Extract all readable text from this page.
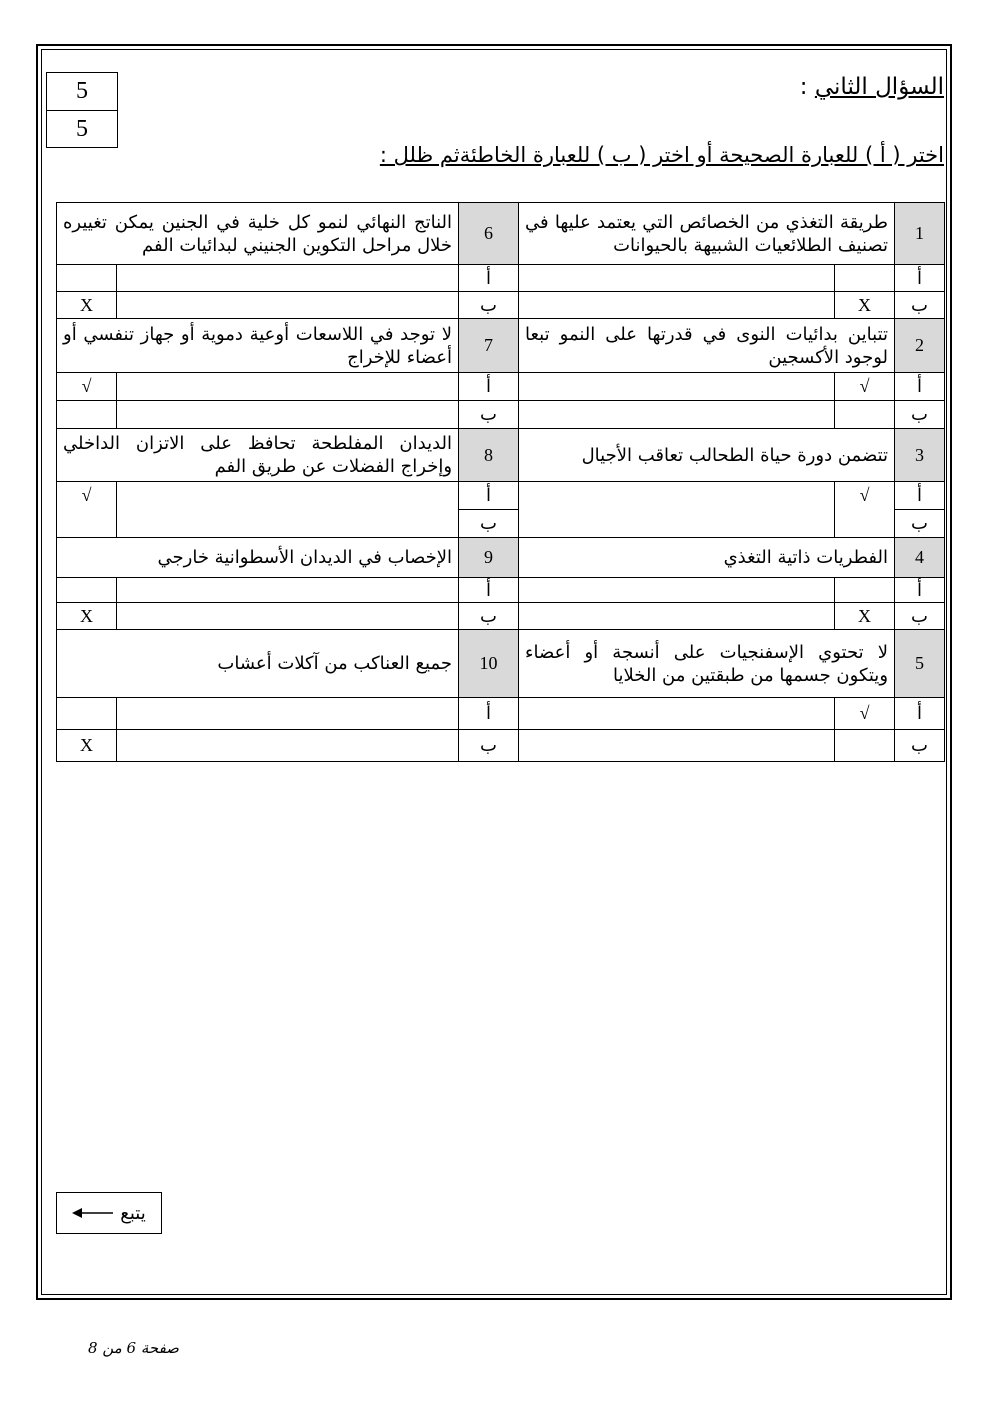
5
5
السؤال الثاني :
اختر ( أ ) للعبارة الصحيحة أو اختر ( ب ) للعبارة الخاطئةثم ظلل :
1	طريقة التغذي من الخصائص التي يعتمد عليها في تصنيف الطلائعيات الشبيهة بالحيوانات		6	الناتج النهائي لنمو كل خلية في الجنين يمكن تغييره خلال مراحل التكوين الجنيني لبدائيات الفم	
أ			أ		
ب	X		ب		X
2	تتباين بدائيات النوى في قدرتها على النمو تبعا لوجود الأكسجين		7	لا توجد في اللاسعات أوعية دموية أو جهاز تنفسي أو أعضاء للإخراج	
أ	√		أ		√
ب			ب		
3	تتضمن دورة حياة الطحالب تعاقب الأجيال		8	الديدان المفلطحة تحافظ على الاتزان الداخلي وإخراج الفضلات عن طريق الفم	
أ	√		أ		√
ب			ب		
4	الفطريات ذاتية التغذي		9	الإخصاب في الديدان الأسطوانية خارجي	
أ			أ		
ب	X		ب		X
5	لا تحتوي الإسفنجيات على أنسجة أو أعضاء ويتكون جسمها من طبقتين من الخلايا		10	جميع العناكب من آكلات أعشاب	
أ	√		أ		
ب			ب		X
يتبع
صفحة 6 من 8
